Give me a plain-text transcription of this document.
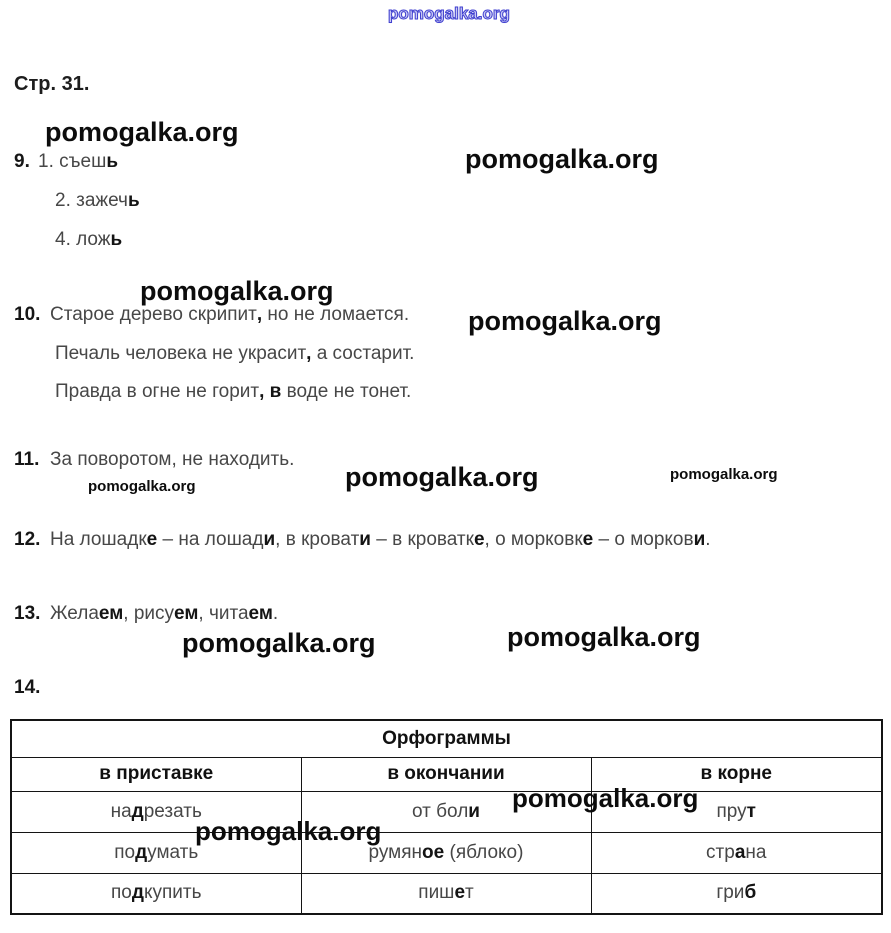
Стр. 31.
9. 1. съешь
2. зажечь
4. ложь
10. Старое дерево скрипит, но не ломается.
Печаль человека не украсит, а состарит.
Правда в огне не горит, в воде не тонет.
11. За поворотом, не находить.
12. На лошадке – на лошади, в кровати – в кроватке, о морковке – о моркови.
13. Желаем, рисуем, читаем.
14.
Орфограммы		
в приставке	в окончании	в корне
надрезать	от боли	прут
подумать	румяное (яблоко)	страна
подкупить	пишет	гриб
pomogalka.org
pomogalka.org
pomogalka.org
pomogalka.org
pomogalka.org
pomogalka.org
pomogalka.org
pomogalka.org
pomogalka.org	pomogalka.org
pomogalka.org
pomogalka.org
